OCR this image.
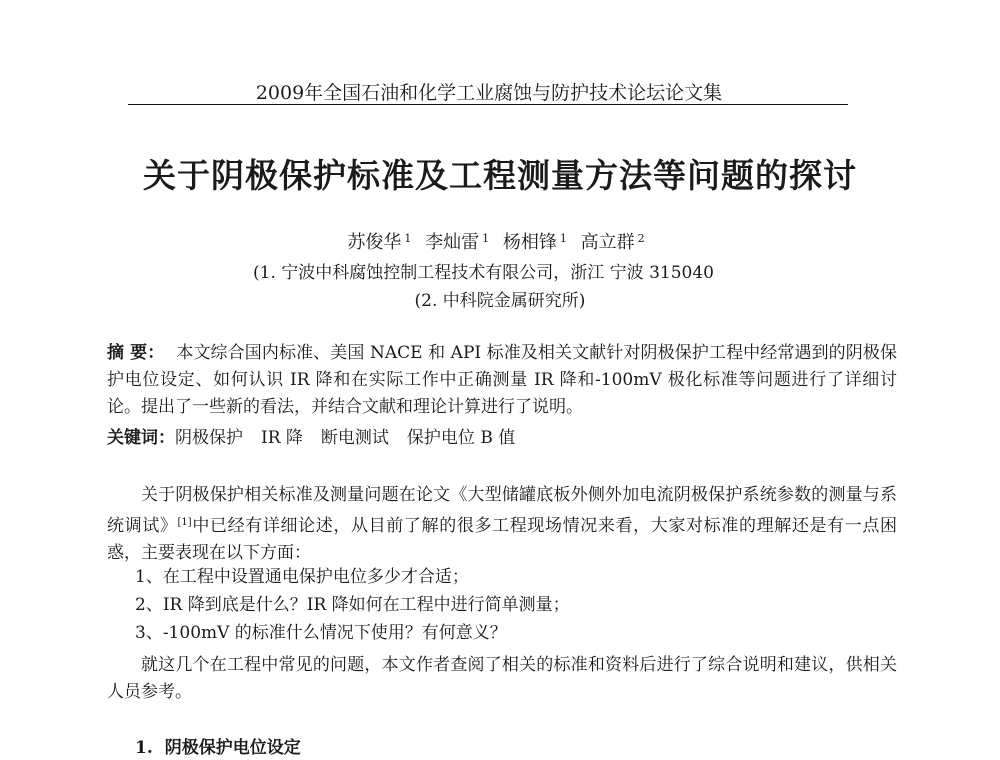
2009年全国石油和化学工业腐蚀与防护技术论坛论文集
关于阴极保护标准及工程测量方法等问题的探讨
苏俊华 $^1$ 李灿雷 $^1$ 杨相锋 $^1$ 高立群 $^2$
(1. 宁波中科腐蚀控制工程技术有限公司，浙江 宁波 315040
(2. 中科院金属研究所)
摘 要： 本文综合国内标准、美国 NACE 和 API 标准及相关文献针对阴极保护工程中经常遇到的阴极保护电位设定、如何认识 IR 降和在实际工作中正确测量 IR 降和-100mV 极化标准等问题进行了详细讨论。提出了一些新的看法，并结合文献和理论计算进行了说明。
关键词：阴极保护 IR 降 断电测试 保护电位 B 值
关于阴极保护相关标准及测量问题在论文《大型储罐底板外侧外加电流阴极保护系统参数的测量与系统调试》[1]中已经有详细论述，从目前了解的很多工程现场情况来看，大家对标准的理解还是有一点困惑，主要表现在以下方面：
1、在工程中设置通电保护电位多少才合适；
2、IR 降到底是什么？IR 降如何在工程中进行简单测量；
3、-100mV 的标准什么情况下使用？有何意义？
就这几个在工程中常见的问题，本文作者查阅了相关的标准和资料后进行了综合说明和建议，供相关人员参考。
1. 阴极保护电位设定
